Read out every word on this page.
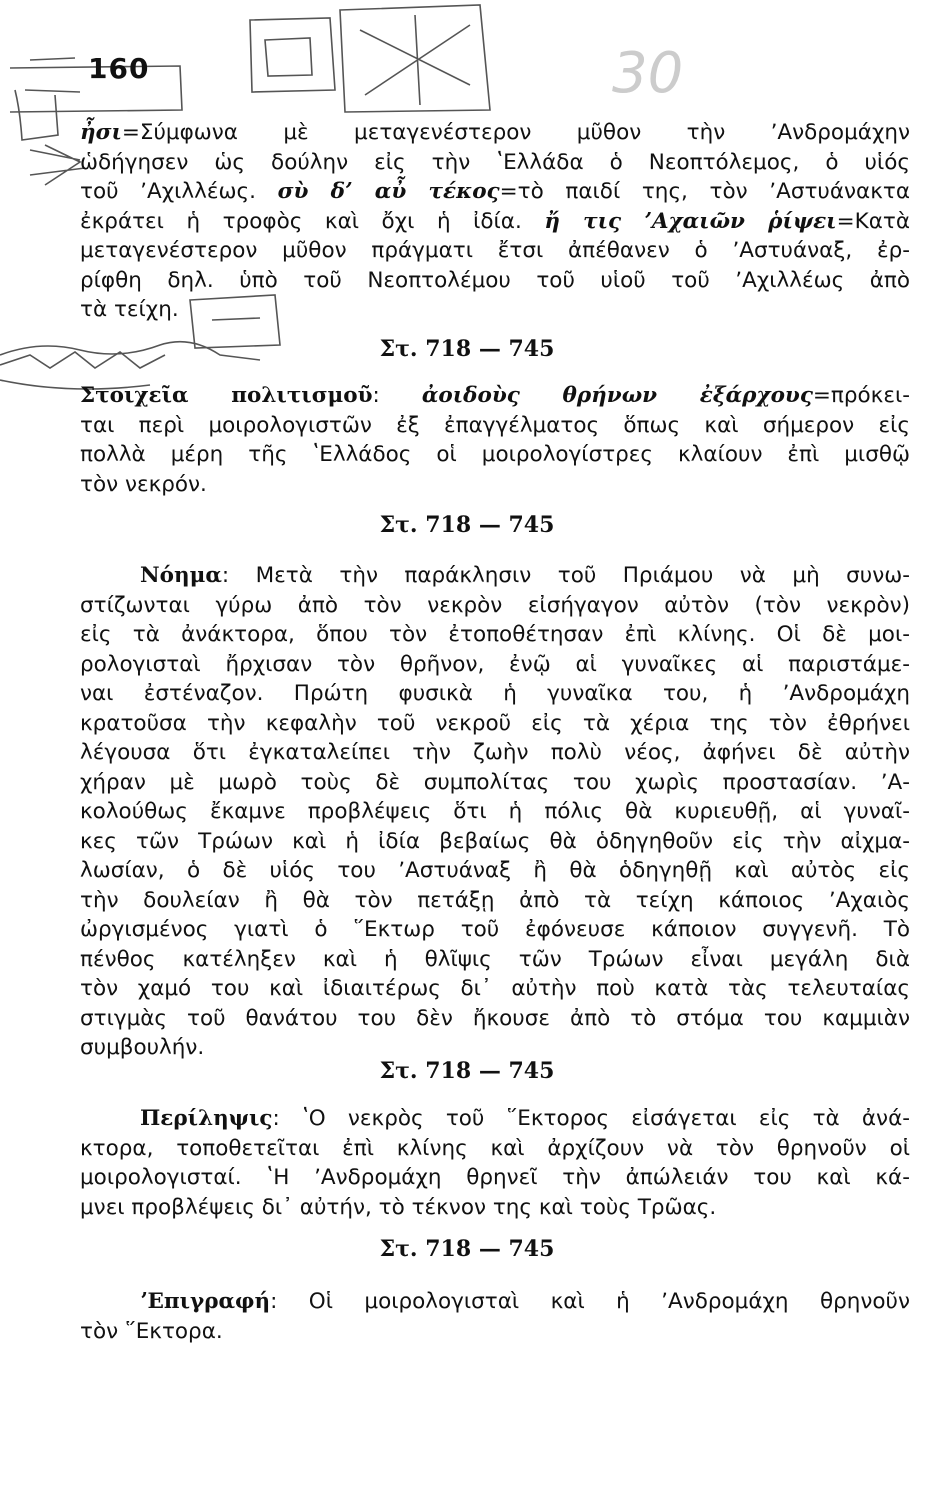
30
160
ἦσι=Σύμφωνα μὲ μεταγενέστερον μῦθον τὴν ʼΑνδρομάχην
ὡδήγησεν ὡς δούλην εἰς τὴν ʽΕλλάδα ὁ Νεοπτόλεμος, ὁ υἱός
τοῦ ʼΑχιλλέως. σὺ δʼ αὖ τέκος=τὸ παιδί της, τὸν ʼΑστυάνακτα
ἐκράτει ἡ τροφὸς καὶ ὄχι ἡ ἰδία. ἤ τις ʼΑχαιῶν ῥίψει=Κατὰ
μεταγενέστερον μῦθον πράγματι ἔτσι ἀπέθανεν ὁ ʼΑστυάναξ, ἐρ-
ρίφθη δηλ. ὑπὸ τοῦ Νεοπτολέμου τοῦ υἱοῦ τοῦ ʼΑχιλλέως ἀπὸ
τὰ τείχη.
Στ. 718 — 745
Στοιχεῖα πολιτισμοῦ: ἀοιδοὺς θρήνων ἐξάρχους=πρόκει-
ται περὶ μοιρολογιστῶν ἐξ ἐπαγγέλματος ὅπως καὶ σήμερον εἰς
πολλὰ μέρη τῆς ʽΕλλάδος οἱ μοιρολογίστρες κλαίουν ἐπὶ μισθῷ
τὸν νεκρόν.
Στ. 718 — 745
Νόημα: Μετὰ τὴν παράκλησιν τοῦ Πριάμου νὰ μὴ συνω-
στίζωνται γύρω ἀπὸ τὸν νεκρὸν εἰσήγαγον αὐτὸν (τὸν νεκρὸν)
εἰς τὰ ἀνάκτορα, ὅπου τὸν ἐτοποθέτησαν ἐπὶ κλίνης. Οἱ δὲ μοι-
ρολογισταὶ ἤρχισαν τὸν θρῆνον, ἐνῷ αἱ γυναῖκες αἱ παριστάμε-
ναι ἐστέναζον. Πρώτη φυσικὰ ἡ γυναῖκα του, ἡ ʼΑνδρομάχη
κρατοῦσα τὴν κεφαλὴν τοῦ νεκροῦ εἰς τὰ χέρια της τὸν ἐθρήνει
λέγουσα ὅτι ἐγκαταλείπει τὴν ζωὴν πολὺ νέος, ἀφήνει δὲ αὐτὴν
χήραν μὲ μωρὸ τοὺς δὲ συμπολίτας του χωρὶς προστασίαν. ʼΑ-
κολούθως ἔκαμνε προβλέψεις ὅτι ἡ πόλις θὰ κυριευθῇ, αἱ γυναῖ-
κες τῶν Τρώων καὶ ἡ ἰδία βεβαίως θὰ ὁδηγηθοῦν εἰς τὴν αἰχμα-
λωσίαν, ὁ δὲ υἱός του ʼΑστυάναξ ἢ θὰ ὁδηγηθῇ καὶ αὐτὸς εἰς
τὴν δουλείαν ἢ θὰ τὸν πετάξῃ ἀπὸ τὰ τείχη κάποιος ʼΑχαιὸς
ὠργισμένος γιατὶ ὁ ῞Εκτωρ τοῦ ἐφόνευσε κάποιον συγγενῆ. Τὸ
πένθος κατέληξεν καὶ ἡ θλῖψις τῶν Τρώων εἶναι μεγάλη διὰ
τὸν χαμό του καὶ ἰδιαιτέρως δι᾽ αὐτὴν ποὺ κατὰ τὰς τελευταίας
στιγμὰς τοῦ θανάτου του δὲν ἤκουσε ἀπὸ τὸ στόμα του καμμιὰν
συμβουλήν.
Στ. 718 — 745
Περίληψις: ʽΟ νεκρὸς τοῦ ῞Εκτορος εἰσάγεται εἰς τὰ ἀνά-
κτορα, τοποθετεῖται ἐπὶ κλίνης καὶ ἀρχίζουν νὰ τὸν θρηνοῦν οἱ
μοιρολογισταί. ʽΗ ʼΑνδρομάχη θρηνεῖ τὴν ἀπώλειάν του καὶ κά-
μνει προβλέψεις δι᾽ αὐτήν, τὸ τέκνον της καὶ τοὺς Τρῶας.
Στ. 718 — 745
ʼΕπιγραφή: Οἱ μοιρολογισταὶ καὶ ἡ ʼΑνδρομάχη θρηνοῦν
τὸν ῞Εκτορα.
